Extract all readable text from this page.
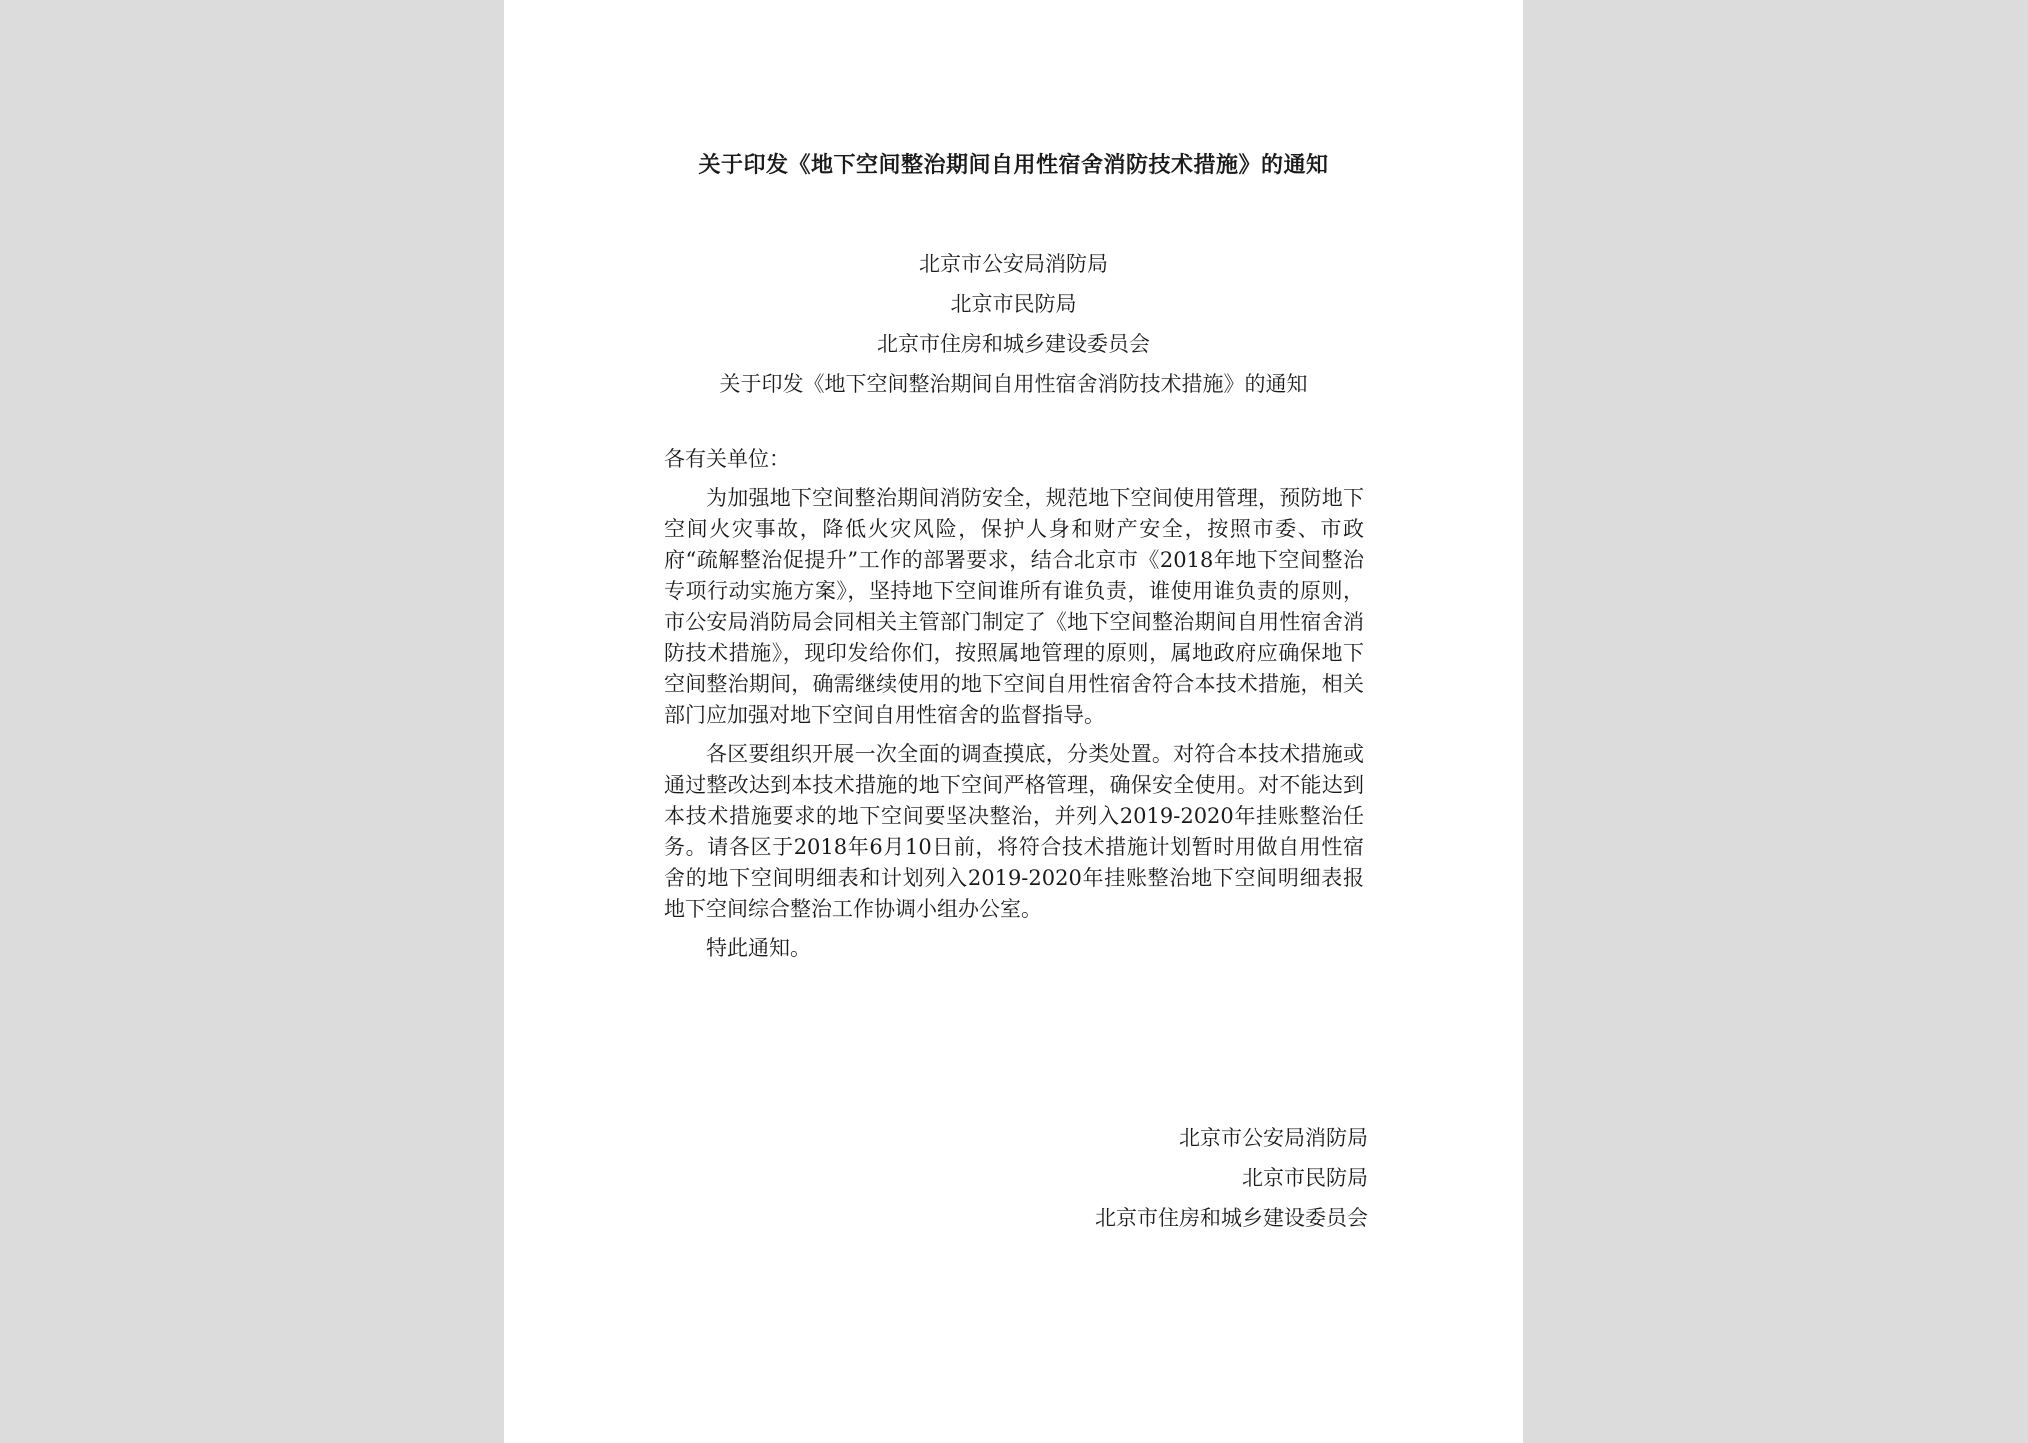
关于印发《地下空间整治期间自用性宿舍消防技术措施》的通知
北京市公安局消防局
北京市民防局
北京市住房和城乡建设委员会
关于印发《地下空间整治期间自用性宿舍消防技术措施》的通知

各有关单位：

为加强地下空间整治期间消防安全，规范地下空间使用管理，预防地下空间火灾事故，降低火灾风险，保护人身和财产安全，按照市委、市政府“疏解整治促提升”工作的部署要求，结合北京市《2018年地下空间整治专项行动实施方案》，坚持地下空间谁所有谁负责，谁使用谁负责的原则，市公安局消防局会同相关主管部门制定了《地下空间整治期间自用性宿舍消防技术措施》，现印发给你们，按照属地管理的原则，属地政府应确保地下空间整治期间，确需继续使用的地下空间自用性宿舍符合本技术措施，相关部门应加强对地下空间自用性宿舍的监督指导。

各区要组织开展一次全面的调查摸底，分类处置。对符合本技术措施或通过整改达到本技术措施的地下空间严格管理，确保安全使用。对不能达到本技术措施要求的地下空间要坚决整治，并列入2019-2020年挂账整治任务。请各区于2018年6月10日前，将符合技术措施计划暂时用做自用性宿舍的地下空间明细表和计划列入2019-2020年挂账整治地下空间明细表报地下空间综合整治工作协调小组办公室。

特此通知。

北京市公安局消防局
北京市民防局
北京市住房和城乡建设委员会
